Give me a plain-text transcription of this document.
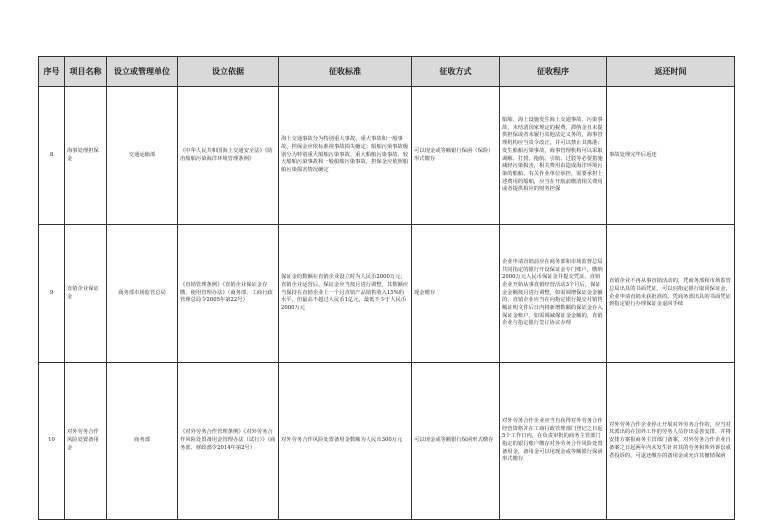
序号	项目名称	设立或管理单位	设立依据	征收标准	征收方式	征收程序	返还时间
8	海事处理担保金	交通运输部	《中华人民共和国海上交通安全法》《防治船舶污染海洋环境管理条例》	海上交通事故分为特别重大事故、重大事故和一般事故，担保金应依标准视事故损失确定；船舶污染事故级别分为特别重大船舶污染事故、重大船舶污染事故、较大船舶污染事故和一般船舶污染事故，担保金应依照船舶污染损害情况确定	可以现金或等额银行保函（保险）形式缴存	船舶、海上设施发生海上交通事故、污染事故，未结清国家规定的税费，滞纳金且未提供担保或者未履行其他法定义务的，海事管理机构应当责令改正，并可以禁止其离港；发生船舶污染事故，海事管理机构可以采取调解、打捞、拖航、引航、过驳等必要措施减轻污染损害，相关费用由造成海洋环境污染的船舶、有关作业单位承担，需要承担上述费用的船舶，应当在开航前缴清相关费用或者提供相应的财务担保	事故处理完毕后返还
9	直销企业保证金	商务部市场监管总局	《直销管理条例》《直销企业保证金存缴、使用管理办法》（商务部、工商行政管理总局令2005年第22号）	保证金的数额在直销企业设立时为人民币2000万元；直销企业运营后，保证金应当按月进行调整，其数额应当保持在直销企业上一个月直销产品销售收入15%的水平，但最高不超过人民币1亿元，最低不少于人民币2000万元	现金缴存	企业申请直销前应在商务部和市场监督总局共同指定的银行开设保证金专门账户，缴纳2000万元人民币保证金并提交凭证，直销企业开始从事直销经营活动3个月后，保证金金额按月进行调整，如需调增保证金金额的，直销企业应当在向指定银行提交月销售额证明文件后日内将新增数额的保证金存入保证金账户，如需调减保证金金额的，直销企业与指定银行签订协议办理	直销企业不再从事直销活动的，凭商务部和市场监管总局出具的书面凭证，可以向指定银行取回保证金，企业申请直销未获批准的，凭商务部出具的书面凭证到指定银行办理保证金退回手续
10	对外劳务合作风险处置备用金	商务部	《对外劳务合作管理条例》《对外劳务合作风险处置备用金管理办法（试行）》（商务部、财政部令2014年第2号）	对外劳务合作风险处置备用金数额为人民币300万元	可以现金或等额银行保函形式缴存	对外劳务合作企业应当自获得对外劳务合作经营资格并在工商行政管理部门登记之日起5个工作日内，在负责审批的商务主管部门指定的银行账户缴存对外劳务合作风险处置备用金，备用金可以用现金或等额银行保函形式缴存	对外劳务合作企业停止开展对外劳务合作的，应当对其派出的在国外工作的劳务人员作出妥善安排，并将安排方案报商务主管部门备案，对外劳务合作企业自备案之日起两年内未发生针对其的劳务和涉外诉讼或者投诉的，可退还缴存的备用金或允许其撤销保函
